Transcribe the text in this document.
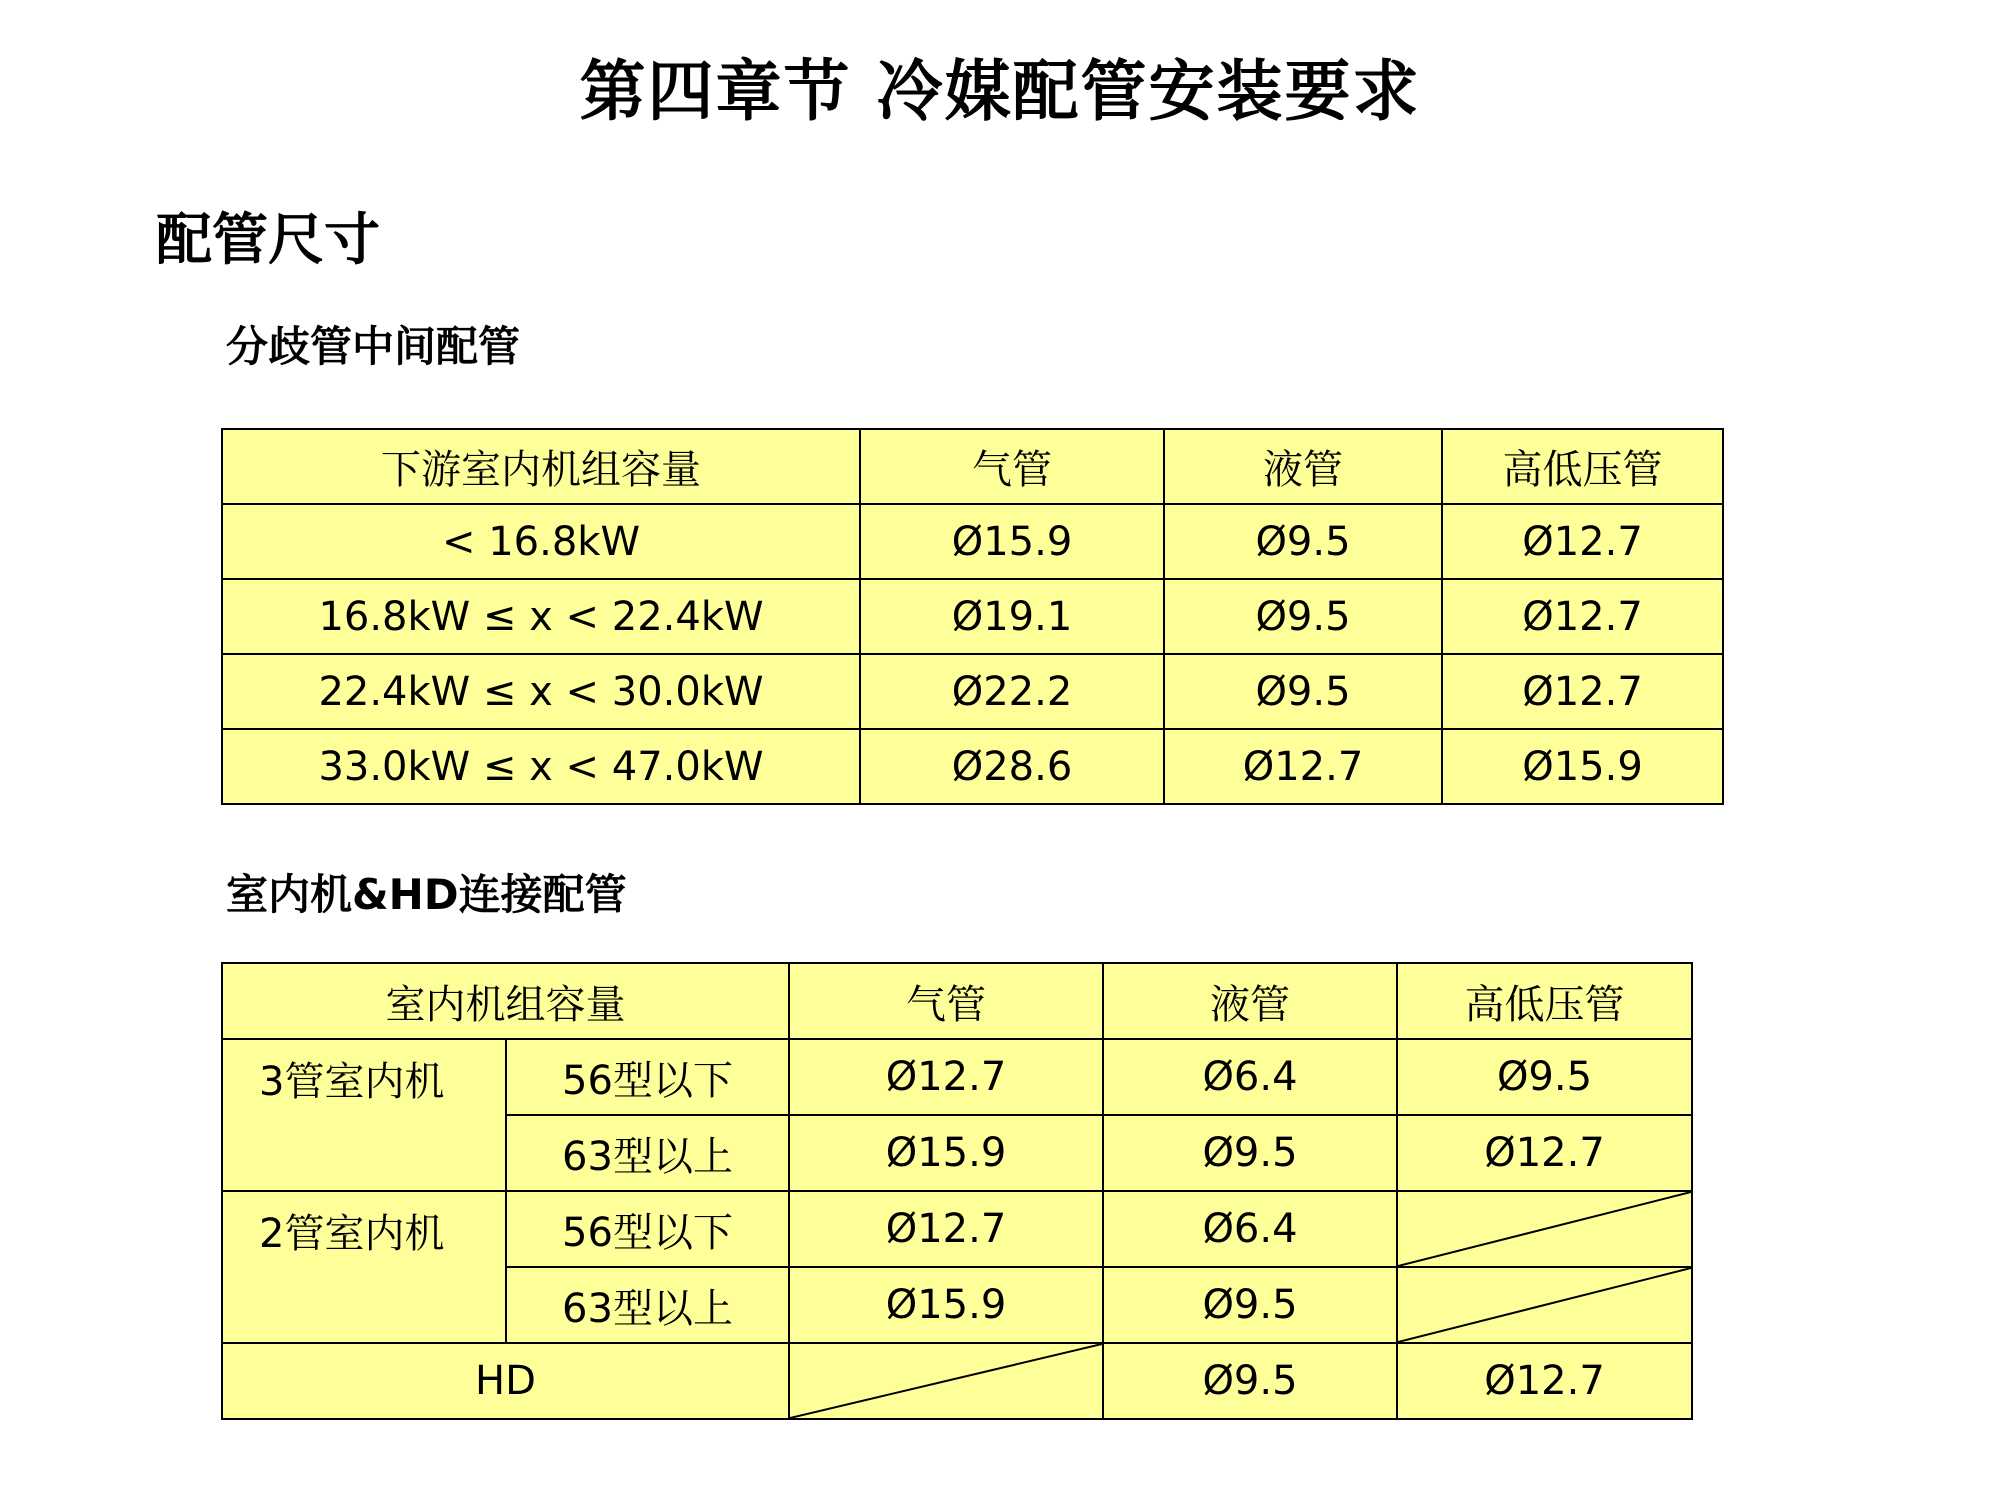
第四章节 冷媒配管安装要求
配管尺寸
分歧管中间配管
下游室内机组容量	气管	液管	高低压管
< 16.8kW	Ø15.9	Ø9.5	Ø12.7
16.8kW ≤ x < 22.4kW	Ø19.1	Ø9.5	Ø12.7
22.4kW ≤ x < 30.0kW	Ø22.2	Ø9.5	Ø12.7
33.0kW ≤ x < 47.0kW	Ø28.6	Ø12.7	Ø15.9
室内机&HD连接配管
室内机组容量		气管	液管	高低压管
3管室内机	56型以下	Ø12.7	Ø6.4	Ø9.5
	63型以上	Ø15.9	Ø9.5	Ø12.7
2管室内机	56型以下	Ø12.7	Ø6.4	

	63型以上	Ø15.9	Ø9.5	

HD			Ø9.5	Ø12.7
